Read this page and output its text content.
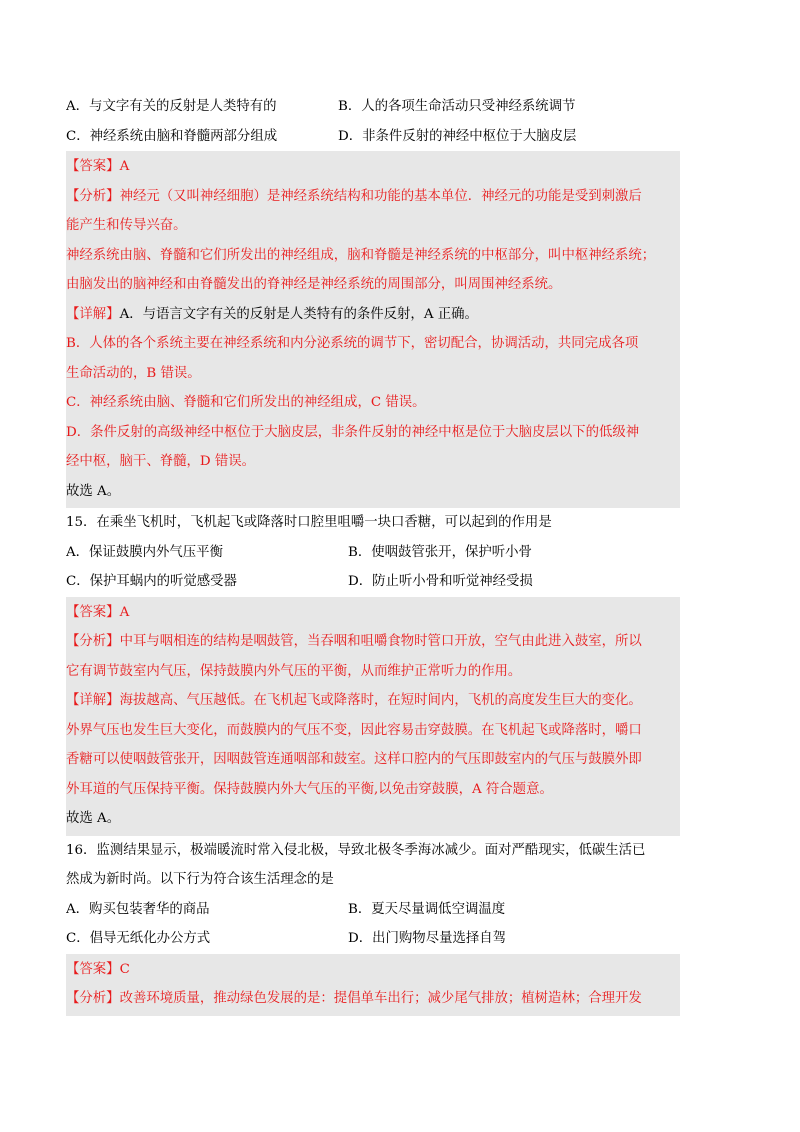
A．与文字有关的反射是人类特有的	B．人的各项生命活动只受神经系统调节
C．神经系统由脑和脊髓两部分组成	D．非条件反射的神经中枢位于大脑皮层
【答案】A
【分析】神经元（又叫神经细胞）是神经系统结构和功能的基本单位．神经元的功能是受到刺激后
能产生和传导兴奋。
神经系统由脑、脊髓和它们所发出的神经组成，脑和脊髓是神经系统的中枢部分，叫中枢神经系统；
由脑发出的脑神经和由脊髓发出的脊神经是神经系统的周围部分，叫周围神经系统。
【详解】A．与语言文字有关的反射是人类特有的条件反射，A 正确。
B．人体的各个系统主要在神经系统和内分泌系统的调节下，密切配合，协调活动，共同完成各项
生命活动的，B 错误。
C．神经系统由脑、脊髓和它们所发出的神经组成，C 错误。
D．条件反射的高级神经中枢位于大脑皮层，非条件反射的神经中枢是位于大脑皮层以下的低级神
经中枢，脑干、脊髓，D 错误。
故选 A。
15．在乘坐飞机时，飞机起飞或降落时口腔里咀嚼一块口香糖，可以起到的作用是
A．保证鼓膜内外气压平衡	B．使咽鼓管张开，保护听小骨
C．保护耳蜗内的听觉感受器	D．防止听小骨和听觉神经受损
【答案】A
【分析】中耳与咽相连的结构是咽鼓管，当吞咽和咀嚼食物时管口开放，空气由此进入鼓室，所以
它有调节鼓室内气压，保持鼓膜内外气压的平衡，从而维护正常听力的作用。
【详解】海拔越高、气压越低。在飞机起飞或降落时，在短时间内，飞机的高度发生巨大的变化。
外界气压也发生巨大变化，而鼓膜内的气压不变，因此容易击穿鼓膜。在飞机起飞或降落时，嚼口
香糖可以使咽鼓管张开，因咽鼓管连通咽部和鼓室。这样口腔内的气压即鼓室内的气压与鼓膜外即
外耳道的气压保持平衡。保持鼓膜内外大气压的平衡,以免击穿鼓膜，A 符合题意。
故选 A。
16．监测结果显示，极端暖流时常入侵北极，导致北极冬季海冰减少。面对严酷现实，低碳生活已
然成为新时尚。以下行为符合该生活理念的是
A．购买包装奢华的商品	B．夏天尽量调低空调温度
C．倡导无纸化办公方式	D．出门购物尽量选择自驾
【答案】C
【分析】改善环境质量，推动绿色发展的是：提倡单车出行；减少尾气排放；植树造林；合理开发
